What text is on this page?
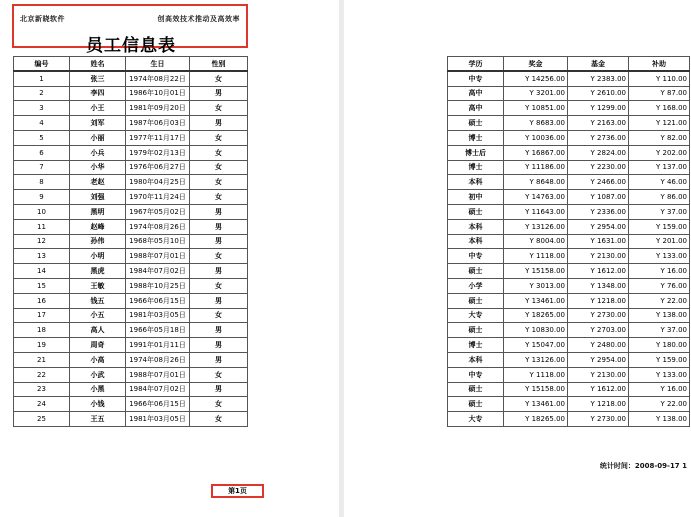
北京新晓软件	创高效技术推动及高效率
员工信息表
编号	姓名	生日	性别
1	张三	1974年08月22日	女
2	李四	1986年10月01日	男
3	小王	1981年09月20日	女
4	刘军	1987年06月03日	男
5	小丽	1977年11月17日	女
6	小兵	1979年02月13日	女
7	小华	1976年06月27日	女
8	老赵	1980年04月25日	女
9	刘强	1970年11月24日	女
10	黑明	1967年05月02日	男
11	赵峰	1974年08月26日	男
12	孙伟	1968年05月10日	男
13	小明	1988年07月01日	女
14	黑虎	1984年07月02日	男
15	王敏	1988年10月25日	女
16	钱五	1966年06月15日	男
17	小五	1981年03月05日	女
18	高人	1966年05月18日	男
19	周奇	1991年01月11日	男
21	小高	1974年08月26日	男
22	小武	1988年07月01日	女
23	小黑	1984年07月02日	男
24	小钱	1966年06月15日	女
25	王五	1981年03月05日	女
第1页
学历	奖金	基金	补助
中专	Y 14256.00	Y 2383.00	Y 110.00
高中	Y 3201.00	Y 2610.00	Y 87.00
高中	Y 10851.00	Y 1299.00	Y 168.00
硕士	Y 8683.00	Y 2163.00	Y 121.00
博士	Y 10036.00	Y 2736.00	Y 82.00
博士后	Y 16867.00	Y 2824.00	Y 202.00
博士	Y 11186.00	Y 2230.00	Y 137.00
本科	Y 8648.00	Y 2466.00	Y 46.00
初中	Y 14763.00	Y 1087.00	Y 86.00
硕士	Y 11643.00	Y 2336.00	Y 37.00
本科	Y 13126.00	Y 2954.00	Y 159.00
本科	Y 8004.00	Y 1631.00	Y 201.00
中专	Y 1118.00	Y 2130.00	Y 133.00
硕士	Y 15158.00	Y 1612.00	Y 16.00
小学	Y 3013.00	Y 1348.00	Y 76.00
硕士	Y 13461.00	Y 1218.00	Y 22.00
大专	Y 18265.00	Y 2730.00	Y 138.00
硕士	Y 10830.00	Y 2703.00	Y 37.00
博士	Y 15047.00	Y 2480.00	Y 180.00
本科	Y 13126.00	Y 2954.00	Y 159.00
中专	Y 1118.00	Y 2130.00	Y 133.00
硕士	Y 15158.00	Y 1612.00	Y 16.00
硕士	Y 13461.00	Y 1218.00	Y 22.00
大专	Y 18265.00	Y 2730.00	Y 138.00
统计时间：2008-09-17 1
